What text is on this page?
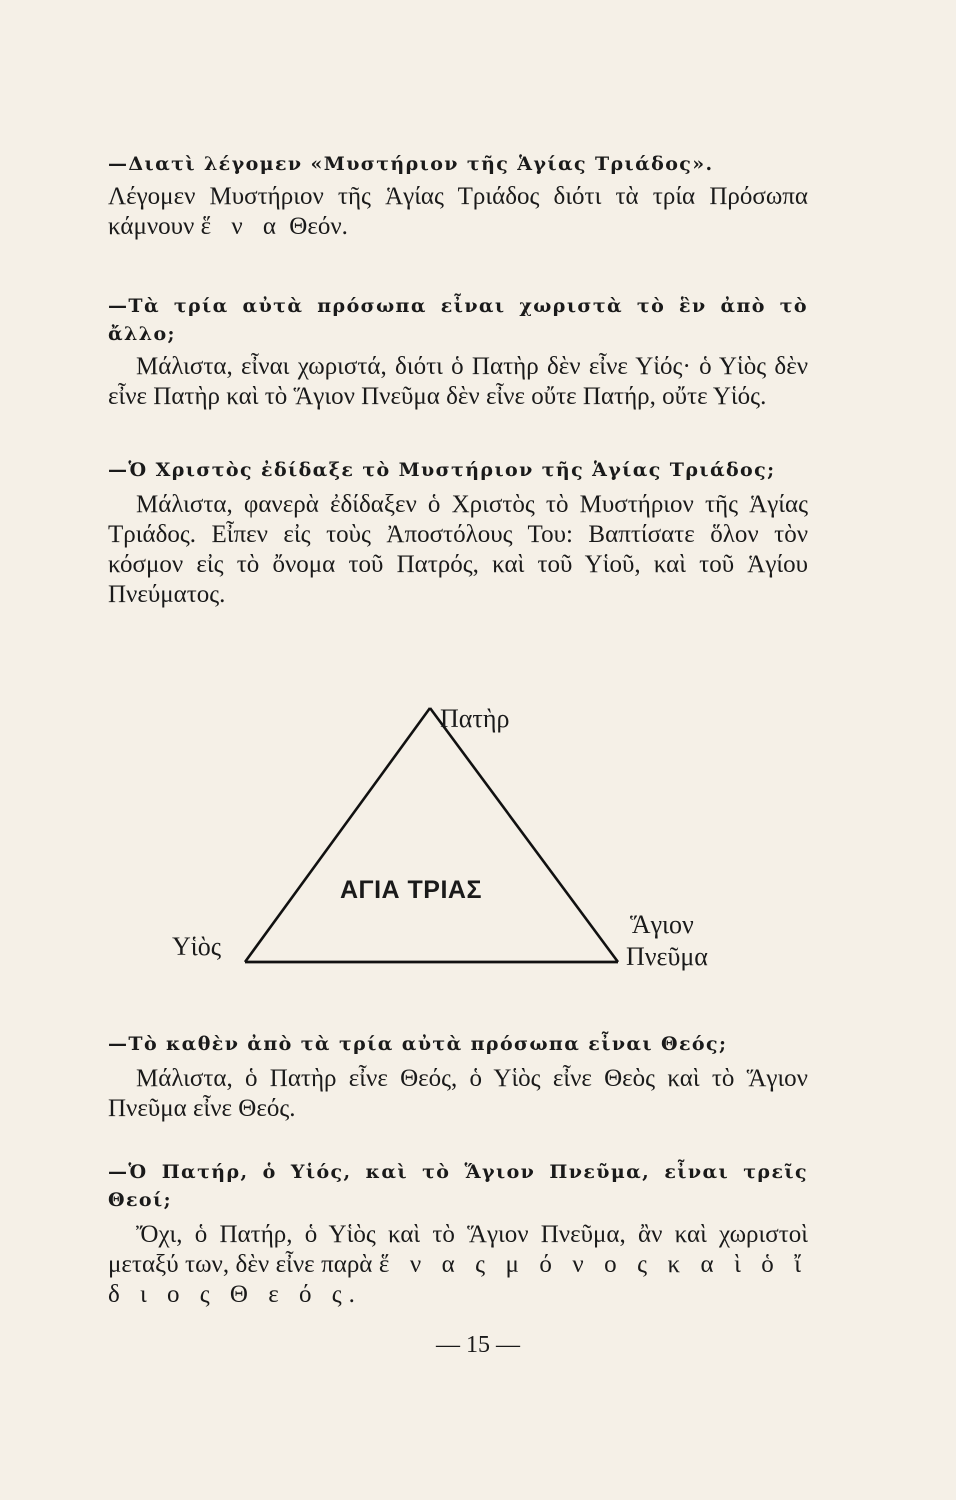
—Διατὶ λέγομεν «Μυστήριον τῆς Ἁγίας Τριάδος».

Λέγομεν Μυστήριον τῆς Ἁγίας Τριάδος διότι τὰ τρία Πρόσωπα κάμνουν ἕ ν α Θεόν.

—Τὰ τρία αὐτὰ πρόσωπα εἶναι χωριστὰ τὸ ἓν ἀπὸ τὸ ἄλλο;

Μάλιστα, εἶναι χωριστά, διότι ὁ Πατὴρ δὲν εἶνε Υἱός· ὁ Υἱὸς δὲν εἶνε Πατὴρ καὶ τὸ Ἅγιον Πνεῦμα δὲν εἶνε οὔτε Πατήρ, οὔτε Υἱός.

—Ὁ Χριστὸς ἐδίδαξε τὸ Μυστήριον τῆς Ἁγίας Τριάδος;

Μάλιστα, φανερὰ ἐδίδαξεν ὁ Χριστὸς τὸ Μυστήριον τῆς Ἁγίας Τριάδος. Εἶπεν εἰς τοὺς Ἀποστόλους Του: Βαπτίσατε ὅλον τὸν κόσμον εἰς τὸ ὄνομα τοῦ Πατρός, καὶ τοῦ Υἱοῦ, καὶ τοῦ Ἁγίου Πνεύματος.

Πατὴρ
ΑΓΙΑ ΤΡΙΑΣ
Υἱὸς
Ἅγιον
Πνεῦμα

—Τὸ καθὲν ἀπὸ τὰ τρία αὐτὰ πρόσωπα εἶναι Θεός;

Μάλιστα, ὁ Πατὴρ εἶνε Θεός, ὁ Υἱὸς εἶνε Θεὸς καὶ τὸ Ἅγιον Πνεῦμα εἶνε Θεός.

—Ὁ Πατήρ, ὁ Υἱός, καὶ τὸ Ἅγιον Πνεῦμα, εἶναι τρεῖς Θεοί;

Ὄχι, ὁ Πατήρ, ὁ Υἱὸς καὶ τὸ Ἅγιον Πνεῦμα, ἂν καὶ χωριστοὶ μεταξύ των, δὲν εἶνε παρὰ ἕ ν α ς μ ό ν ο ς κ α ὶ ὁ ἴ δ ι ο ς Θ ε ό ς.

— 15 —
